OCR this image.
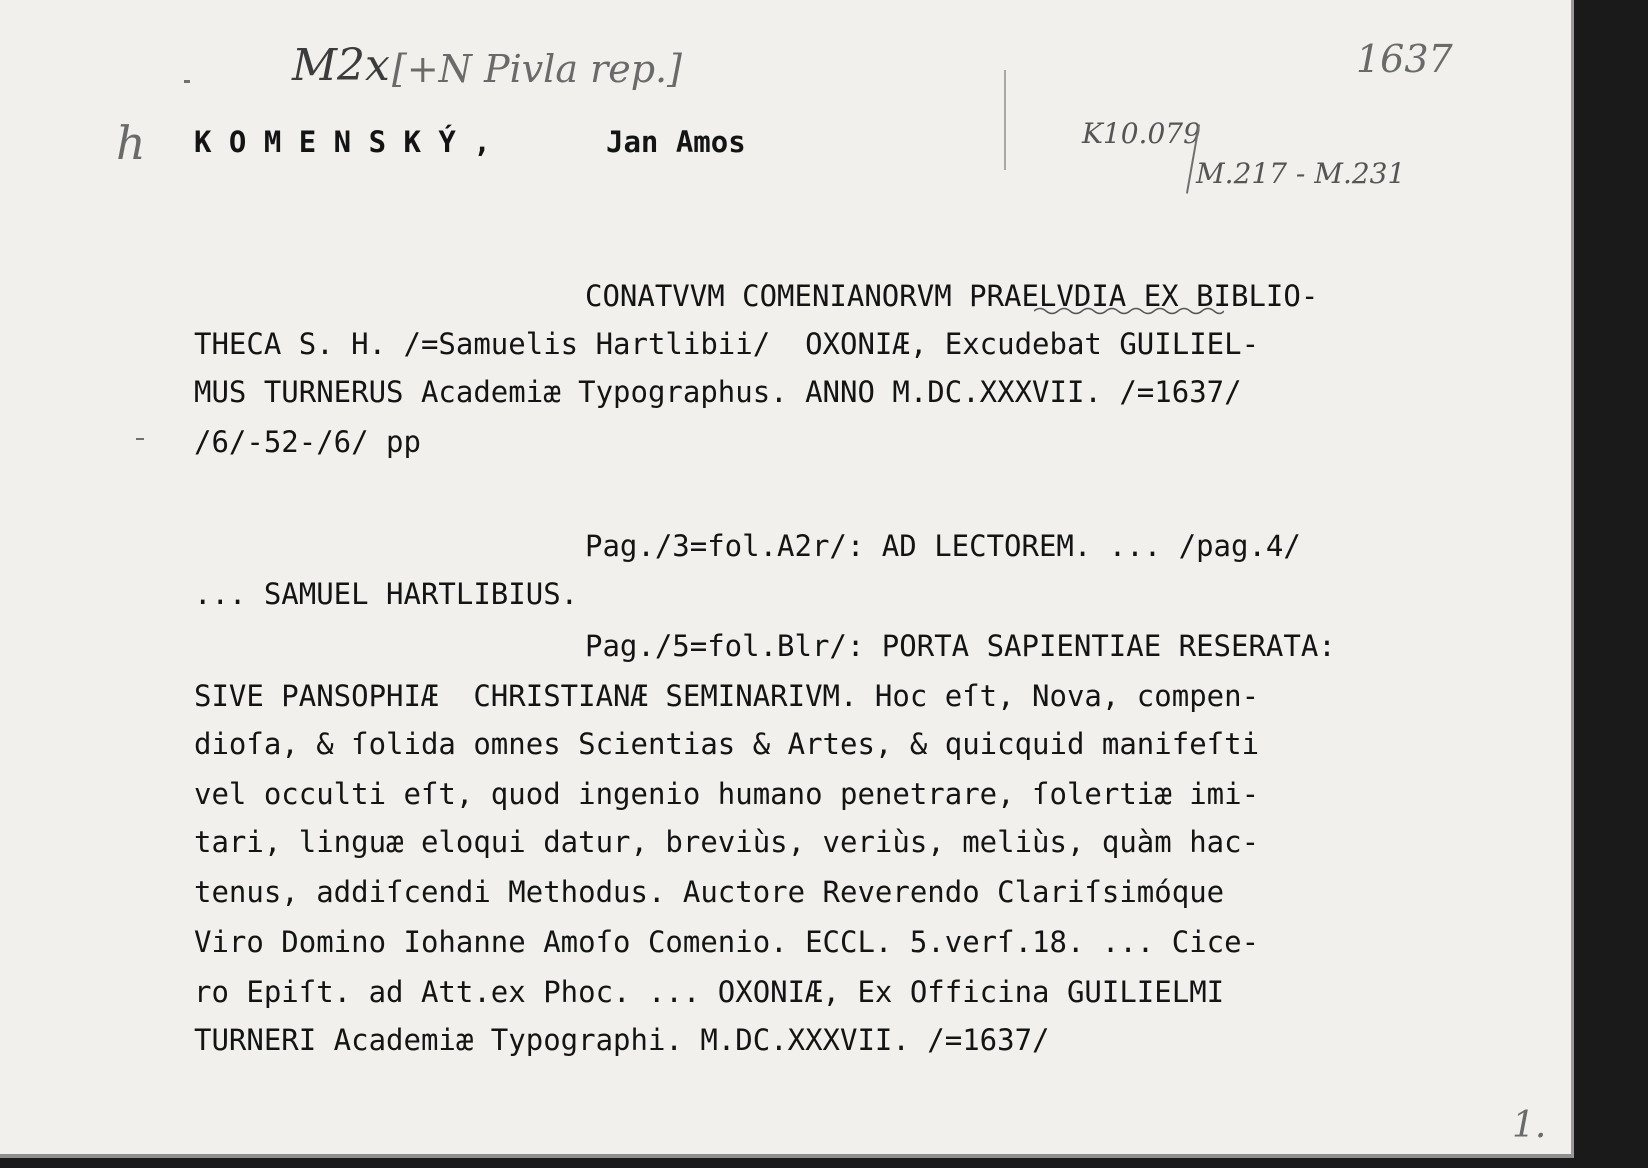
M2x [+N Pivla rep.]	1637
h	K10.079
M.217 - M.231
1.
K O M E N S K Ý ,	Jan Amos
CONATVVM COMENIANORVM PRAELVDIA EX BIBLIO-
THECA S. H. /=Samuelis Hartlibii/  OXONIÆ, Excudebat GUILIEL-
MUS TURNERUS Academiæ Typographus. ANNO M.DC.XXXVII. /=1637/
/6/-52-/6/ pp
Pag./3=fol.A2r/: AD LECTOREM. ... /pag.4/
... SAMUEL HARTLIBIUS.
Pag./5=fol.Blr/: PORTA SAPIENTIAE RESERATA:
SIVE PANSOPHIÆ  CHRISTIANÆ SEMINARIVM. Hoc eſt, Nova, compen-
dioſa, & ſolida omnes Scientias & Artes, & quicquid manifeſti
vel occulti eſt, quod ingenio humano penetrare, ſolertiæ imi-
tari, linguæ eloqui datur, breviùs, veriùs, meliùs, quàm hac-
tenus, addiſcendi Methodus. Auctore Reverendo Clariſsimóque
Viro Domino Iohanne Amoſo Comenio. ECCL. 5.verſ.18. ... Cice-
ro Epiſt. ad Att.ex Phoc. ... OXONIÆ, Ex Officina GUILIELMI
TURNERI Academiæ Typographi. M.DC.XXXVII. /=1637/
